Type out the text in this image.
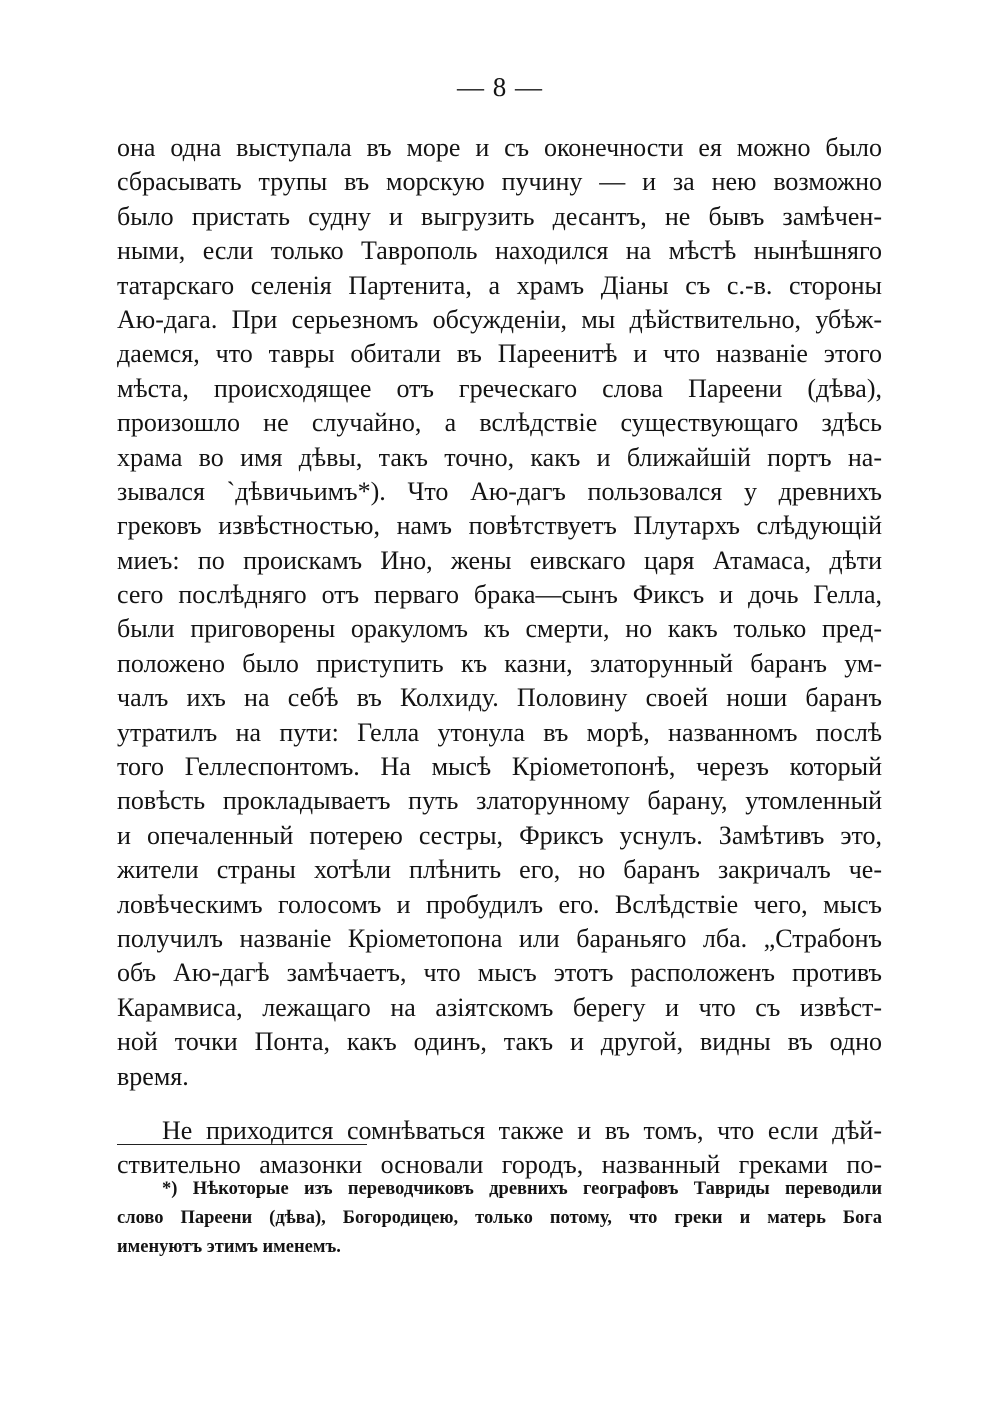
— 8 —
она одна выступала въ море и съ оконечности ея можно было
сбрасывать трупы въ морскую пучину — и за нею возможно
было пристать судну и выгрузить десантъ, не бывъ замѣчен-
ными, если только Таврополь находился на мѣстѣ нынѣшняго
татарскаго селенія Партенита, а храмъ Діаны съ с.-в. стороны
Аю-дага. При серьезномъ обсужденіи, мы дѣйствительно, убѣж-
даемся, что тавры обитали въ Пареенитѣ и что названіе этого
мѣста, происходящее отъ греческаго слова Пареени (дѣва),
произошло не случайно, а вслѣдствіе существующаго здѣсь
храма во имя дѣвы, такъ точно, какъ и ближайшій портъ на-
зывался `дѣвичьимъ*). Что Аю-дагъ пользовался у древнихъ
грековъ извѣстностью, намъ повѣтствуетъ Плутархъ слѣдующій
миеъ: по проискамъ Ино, жены еивскаго царя Атамаса, дѣти
сего послѣдняго отъ перваго брака—сынъ Фиксъ и дочь Гелла,
были приговорены оракуломъ къ смерти, но какъ только пред-
положено было приступить къ казни, златорунный баранъ ум-
чалъ ихъ на себѣ въ Колхиду. Половину своей ноши баранъ
утратилъ на пути: Гелла утонула въ морѣ, названномъ послѣ
того Геллеспонтомъ. На мысѣ Кріометопонѣ, черезъ который
повѣсть прокладываетъ путь златорунному барану, утомленный
и опечаленный потерею сестры, Фриксъ уснулъ. Замѣтивъ это,
жители страны хотѣли плѣнить его, но баранъ закричалъ че-
ловѣческимъ голосомъ и пробудилъ его. Вслѣдствіе чего, мысъ
получилъ названіе Кріометопона или бараньяго лба. „Страбонъ
объ Аю-дагѣ замѣчаетъ, что мысъ этотъ расположенъ противъ
Карамвиса, лежащаго на азіятскомъ берегу и что съ извѣст-
ной точки Понта, какъ одинъ, такъ и другой, видны въ одно
время.
Не приходится сомнѣваться также и въ томъ, что если дѣй-
ствительно амазонки основали городъ, названный греками по-
*) Нѣкоторые изъ переводчиковъ древнихъ географовъ Тавриды переводили
слово Пареени (дѣва), Богородицею, только потому, что греки и матерь Бога
именуютъ этимъ именемъ.
